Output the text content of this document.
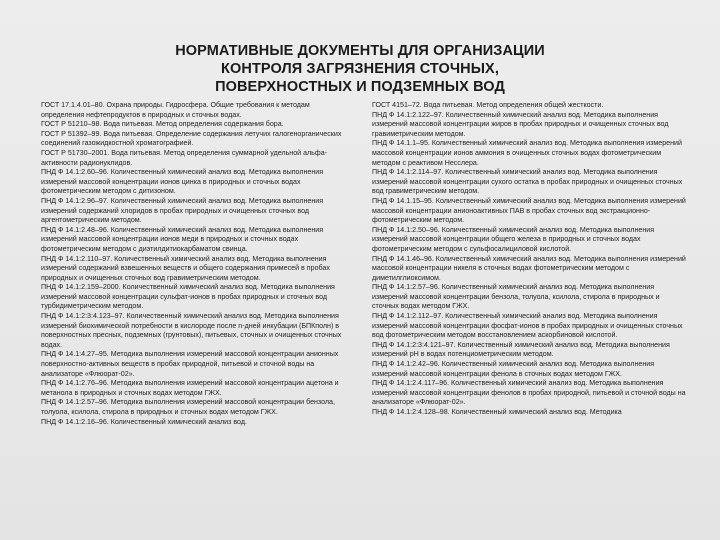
НОРМАТИВНЫЕ ДОКУМЕНТЫ ДЛЯ ОРГАНИЗАЦИИ
КОНТРОЛЯ ЗАГРЯЗНЕНИЯ СТОЧНЫХ,
ПОВЕРХНОСТНЫХ И ПОДЗЕМНЫХ ВОД

ГОСТ 17.1.4.01–80. Охрана природы. Гидросфера. Общие требования к методам определения нефтепродуктов в природных и сточных водах.

ГОСТ Р 51210–98. Вода питьевая. Метод определения содержания бора.

ГОСТ Р 51392–99. Вода питьевая. Определение содержания летучих галогенорганических соединений газожидкостной хроматографией.

ГОСТ Р 51730–2001. Вода питьевая. Метод определения суммарной удельной альфа-активности радионуклидов.

ПНД Ф 14.1:2.60–96. Количественный химический анализ вод. Методика выполнения измерений массовой концентрации ионов цинка в природных и сточных водах фотометрическим методом с дитизоном.

ПНД Ф 14.1:2.96–97. Количественный химический анализ вод. Методика выполнения измерений содержаний хлоридов в пробах природных и очищенных сточных вод аргентометрическим методом.

ПНД Ф 14.1:2.48–96. Количественный химический анализ вод. Методика выполнения измерений массовой концентрации ионов меди в природных и сточных водах фотометрическим методом с диэтилдитиокарбаматом свинца.

ПНД Ф 14.1:2.110–97. Количественный химический анализ вод. Методика выполнения измерений содержаний взвешенных веществ и общего содержания примесей в пробах природных и очищенных сточных вод гравиметрическим методом.

ПНД Ф 14.1:2.159–2000. Количественный химический анализ вод. Методика выполнения измерений массовой концентрации сульфат-ионов в пробах природных и сточных вод турбидиметрическим методом.

ПНД Ф 14.1:2:3:4.123–97. Количественный химический анализ вод. Методика выполнения измерений биохимической потребности в кислороде после n-дней инкубации (БПКполн) в поверхностных пресных, подземных (грунтовых), питьевых, сточных и очищенных сточных водах.

ПНД Ф 14.1:4.27–95. Методика выполнения измерений массовой концентрации анионных поверхностно-активных веществ в пробах природной, питьевой и сточной воды на анализаторе «Флюорат-02».

ПНД Ф 14.1:2.76–96. Методика выполнения измерений массовой концентрации ацетона и метанола в природных и сточных водах методом ГЖХ.

ПНД Ф 14.1:2.57–96. Методика выполнения измерений массовой концентрации бензола, толуола, ксилола, стирола в природных и сточных водах методом ГЖХ.

ПНД Ф 14.1:2.16–96. Количественный химический анализ вод.

ГОСТ 4151–72. Вода питьевая. Метод определения общей жесткости.

ПНД Ф 14.1:2.122–97. Количественный химический анализ вод. Методика выполнения измерений массовой концентрации жиров в пробах природных и очищенных сточных вод гравиметрическим методом.

ПНД Ф 14.1.1–95. Количественный химический анализ вод. Методика выполнения измерений массовой концентрации ионов аммония в очищенных сточных водах фотометрическим методом с реактивом Несслера.

ПНД Ф 14.1:2.114–97. Количественный химический анализ вод. Методика выполнения измерений массовой концентрации сухого остатка в пробах природных и очищенных сточных вод гравиметрическим методом.

ПНД Ф 14.1.15–95. Количественный химический анализ вод. Методика выполнения измерений массовой концентрации анионоактивных ПАВ в пробах сточных вод экстракционно-фотометрическим методом.

ПНД Ф 14.1:2.50–96. Количественный химический анализ вод. Методика выполнения измерений массовой концентрации общего железа в природных и сточных водах фотометрическим методом с сульфосалициловой кислотой.

ПНД Ф 14.1.46–96. Количественный химический анализ вод. Методика выполнения измерений массовой концентрации никеля в сточных водах фотометрическим методом с диметилглиоксимом.

ПНД Ф 14.1:2.57–96. Количественный химический анализ вод. Методика выполнения измерений массовой концентрации бензола, толуола, ксилола, стирола в природных и сточных водах методом ГЖХ.

ПНД Ф 14.1:2.112–97. Количественный химический анализ вод. Методика выполнения измерений массовой концентрации фосфат-ионов в пробах природных и очищенных сточных вод фотометрическим методом восстановлением аскорбиновой кислотой.

ПНД Ф 14.1:2:3:4.121–97. Количественный химический анализ вод. Методика выполнения измерений pH в водах потенциометрическим методом.

ПНД Ф 14.1:2.42–96. Количественный химический анализ вод. Методика выполнения измерений массовой концентрации фенола в сточных водах методом ГЖХ.

ПНД Ф 14.1:2.4.117–96. Количественный химический анализ вод. Методика выполнения измерений массовой концентрации фенолов в пробах природной, питьевой и сточной воды на анализаторе «Флюорат-02».

ПНД Ф 14.1:2:4.128–98. Количественный химический анализ вод. Методика
